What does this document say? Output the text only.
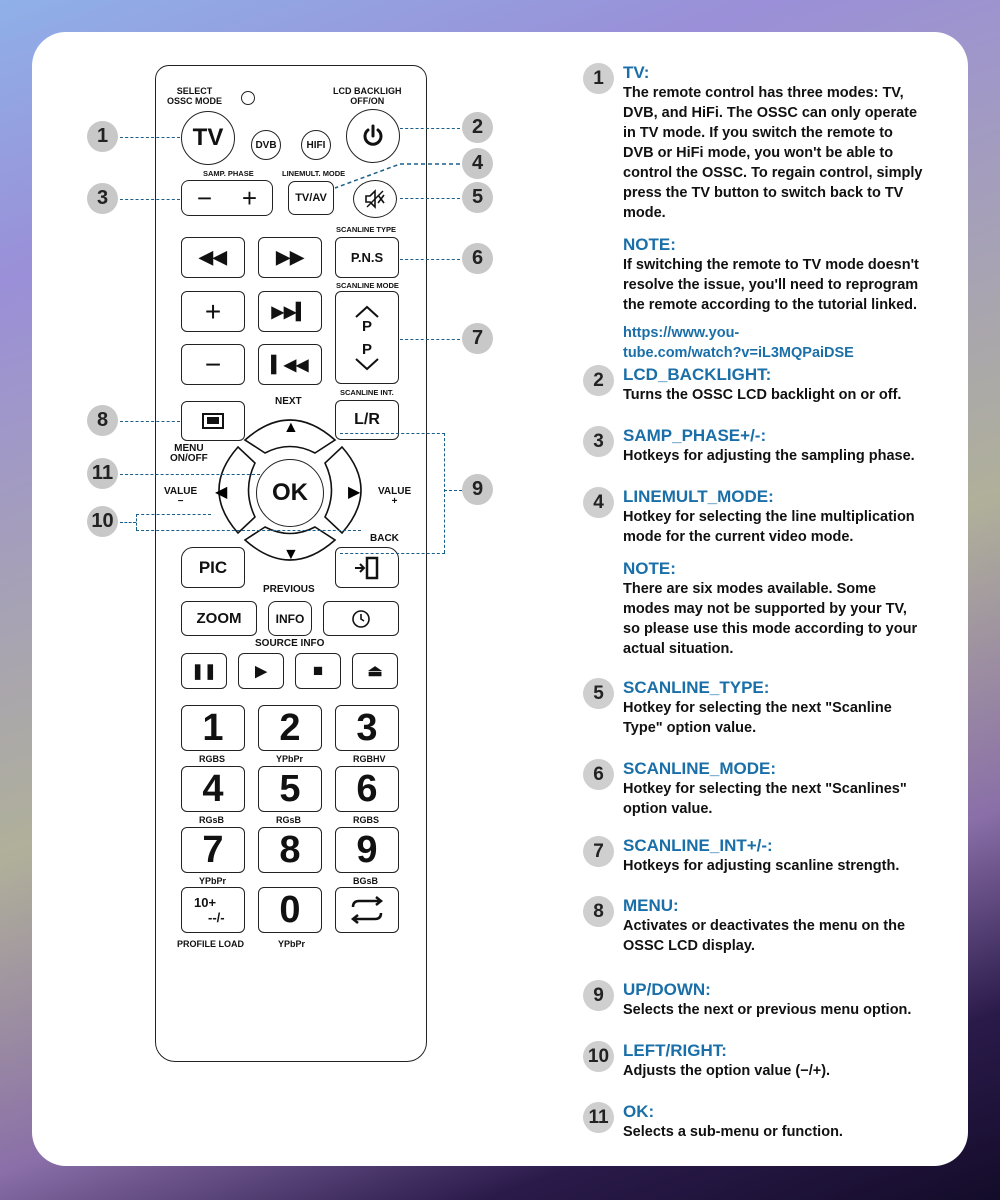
SELECT
OSSC MODE
LCD BACKLIGH
OFF/ON
TV	DVB	HIFI
SAMP. PHASE	LINEMULT. MODE
SCANLINE TYPE
− +	TV/AV
◀◀	▶▶	P.N.S
+	▶▶▍
SCANLINE MODE
P
P
−	▍◀◀
SCANLINE INT.
NEXT
L/R
MENU
ON/OFF
▲
▼
◀	▶
OK
VALUE
−
VALUE
+
BACK
PIC
PREVIOUS
ZOOM	INFO
SOURCE INFO
❚❚	▶	■	⏏
1
RGBS
2
YPbPr
3
RGBHV
4
RGsB
5
RGsB
6
RGBS
7
YPbPr
8	9
BGsB
10+
--/-	0
PROFILE LOAD	YPbPr
1	2
3
4
5
6
7
8
9
11
10
1	TV:
The remote control has three modes: TV, DVB, and HiFi. The OSSC can only operate in TV mode. If you switch the remote to DVB or HiFi mode, you won't be able to control the OSSC. To regain control, simply press the TV button to switch back to TV mode.
NOTE:
If switching the remote to TV mode doesn't resolve the issue, you'll need to reprogram the remote according to the tutorial linked.
https://www.you-
tube.com/watch?v=iL3MQPaiDSE
2	LCD_BACKLIGHT:
Turns the OSSC LCD backlight on or off.
3	SAMP_PHASE+/-:
Hotkeys for adjusting the sampling phase.
4	LINEMULT_MODE:
Hotkey for selecting the line multiplication mode for the current video mode.
NOTE:
There are six modes available. Some modes may not be supported by your TV, so please use this mode according to your actual situation.
5	SCANLINE_TYPE:
Hotkey for selecting the next "Scanline Type" option value.
6	SCANLINE_MODE:
Hotkey for selecting the next "Scanlines" option value.
7	SCANLINE_INT+/-:
Hotkeys for adjusting scanline strength.
8	MENU:
Activates or deactivates the menu on the OSSC LCD display.
9	UP/DOWN:
Selects the next or previous menu option.
10 LEFT/RIGHT:
Adjusts the option value (−/+).
11 OK:
Selects a sub-menu or function.
